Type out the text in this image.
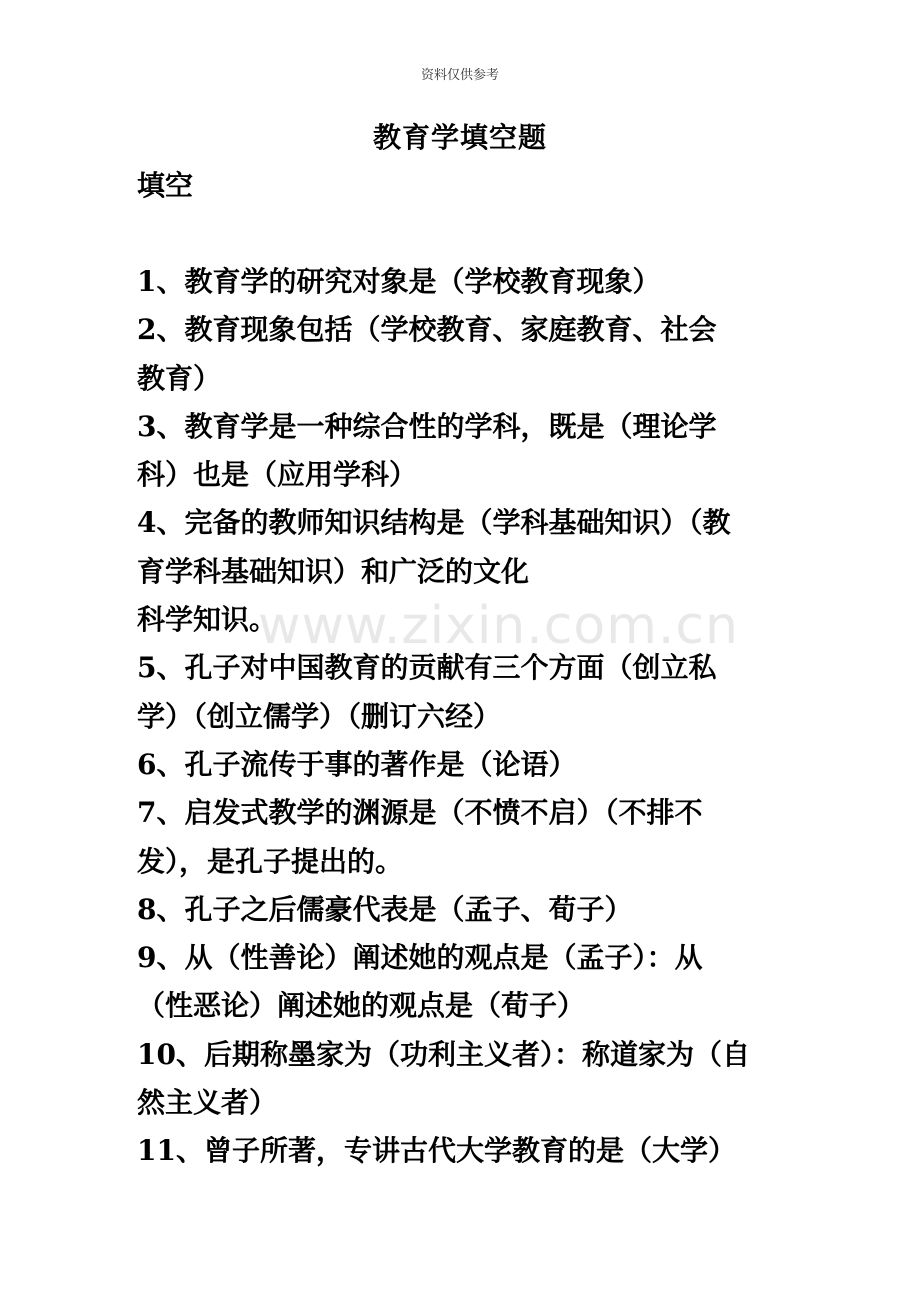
资料仅供参考
教育学填空题
填空
1、教育学的研究对象是（学校教育现象）
2、教育现象包括（学校教育、家庭教育、社会
教育）
3、教育学是一种综合性的学科，既是（理论学
科）也是（应用学科）
4、完备的教师知识结构是（学科基础知识）（教
育学科基础知识）和广泛的文化
科学知识。
5、孔子对中国教育的贡献有三个方面（创立私
学）（创立儒学）（删订六经）
6、孔子流传于事的著作是（论语）
7、启发式教学的渊源是（不愤不启）（不排不
发），是孔子提出的。
8、孔子之后儒豪代表是（孟子、荀子）
9、从（性善论）阐述她的观点是（孟子）：从
（性恶论）阐述她的观点是（荀子）
10、后期称墨家为（功利主义者）：称道家为（自
然主义者）
11、曾子所著，专讲古代大学教育的是（大学）
www.zixin.com.cn
